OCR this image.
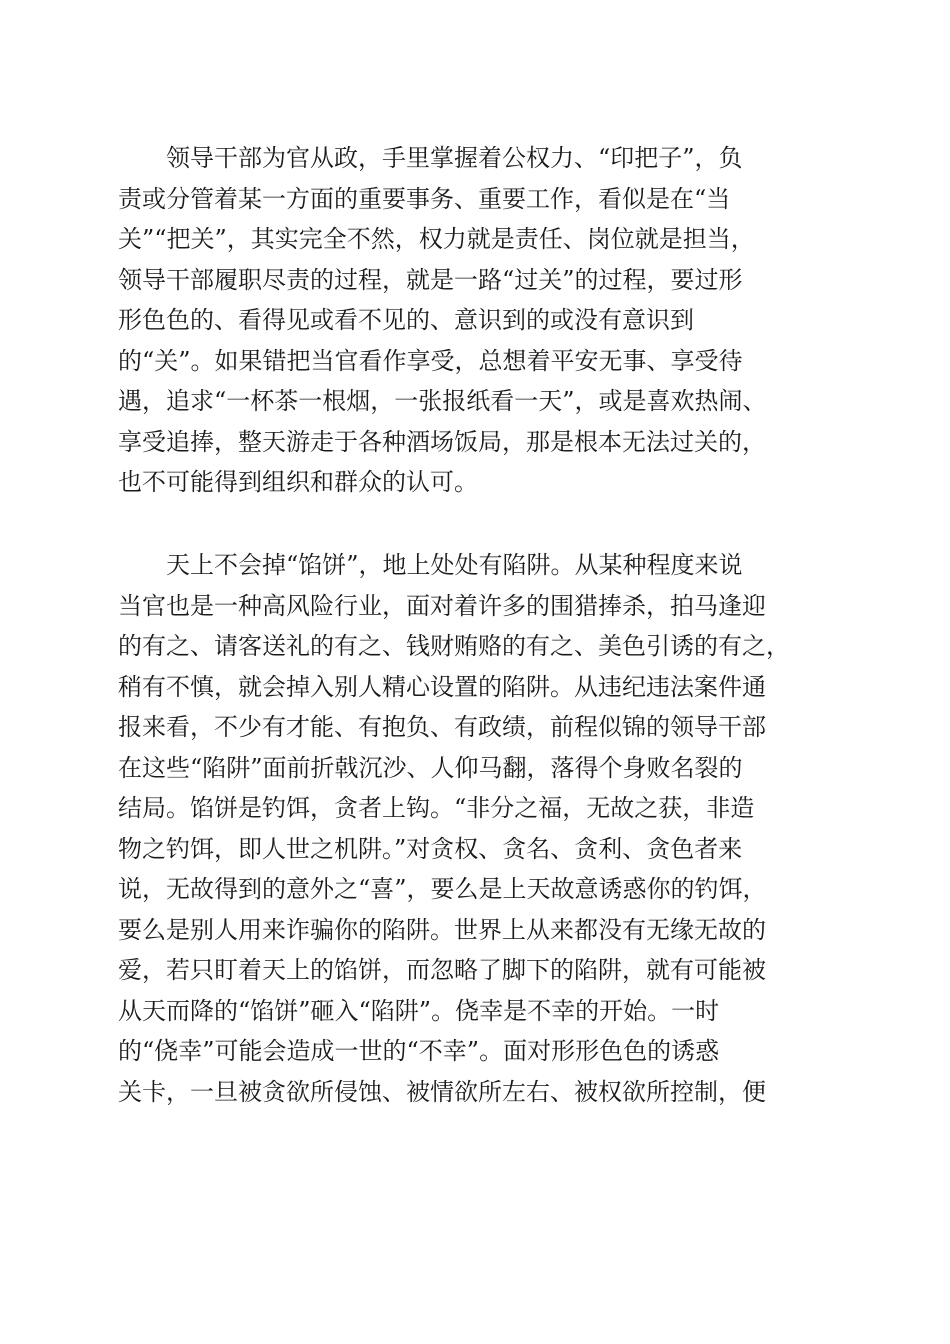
领导干部为官从政，手里掌握着公权力、“印把子”，负
责或分管着某一方面的重要事务、重要工作，看似是在“当
关”“把关”，其实完全不然，权力就是责任、岗位就是担当，
领导干部履职尽责的过程，就是一路“过关”的过程，要过形
形色色的、看得见或看不见的、意识到的或没有意识到
的“关”。如果错把当官看作享受，总想着平安无事、享受待
遇，追求“一杯茶一根烟，一张报纸看一天”，或是喜欢热闹、
享受追捧，整天游走于各种酒场饭局，那是根本无法过关的，
也不可能得到组织和群众的认可。
天上不会掉“馅饼”，地上处处有陷阱。从某种程度来说
当官也是一种高风险行业，面对着许多的围猎捧杀，拍马逢迎
的有之、请客送礼的有之、钱财贿赂的有之、美色引诱的有之，
稍有不慎，就会掉入别人精心设置的陷阱。从违纪违法案件通
报来看，不少有才能、有抱负、有政绩，前程似锦的领导干部
在这些“陷阱”面前折戟沉沙、人仰马翻，落得个身败名裂的
结局。馅饼是钓饵，贪者上钩。“非分之福，无故之获，非造
物之钓饵，即人世之机阱。”对贪权、贪名、贪利、贪色者来
说，无故得到的意外之“喜”，要么是上天故意诱惑你的钓饵，
要么是别人用来诈骗你的陷阱。世界上从来都没有无缘无故的
爱，若只盯着天上的馅饼，而忽略了脚下的陷阱，就有可能被
从天而降的“馅饼”砸入“陷阱”。侥幸是不幸的开始。一时
的“侥幸”可能会造成一世的“不幸”。面对形形色色的诱惑
关卡，一旦被贪欲所侵蚀、被情欲所左右、被权欲所控制，便
